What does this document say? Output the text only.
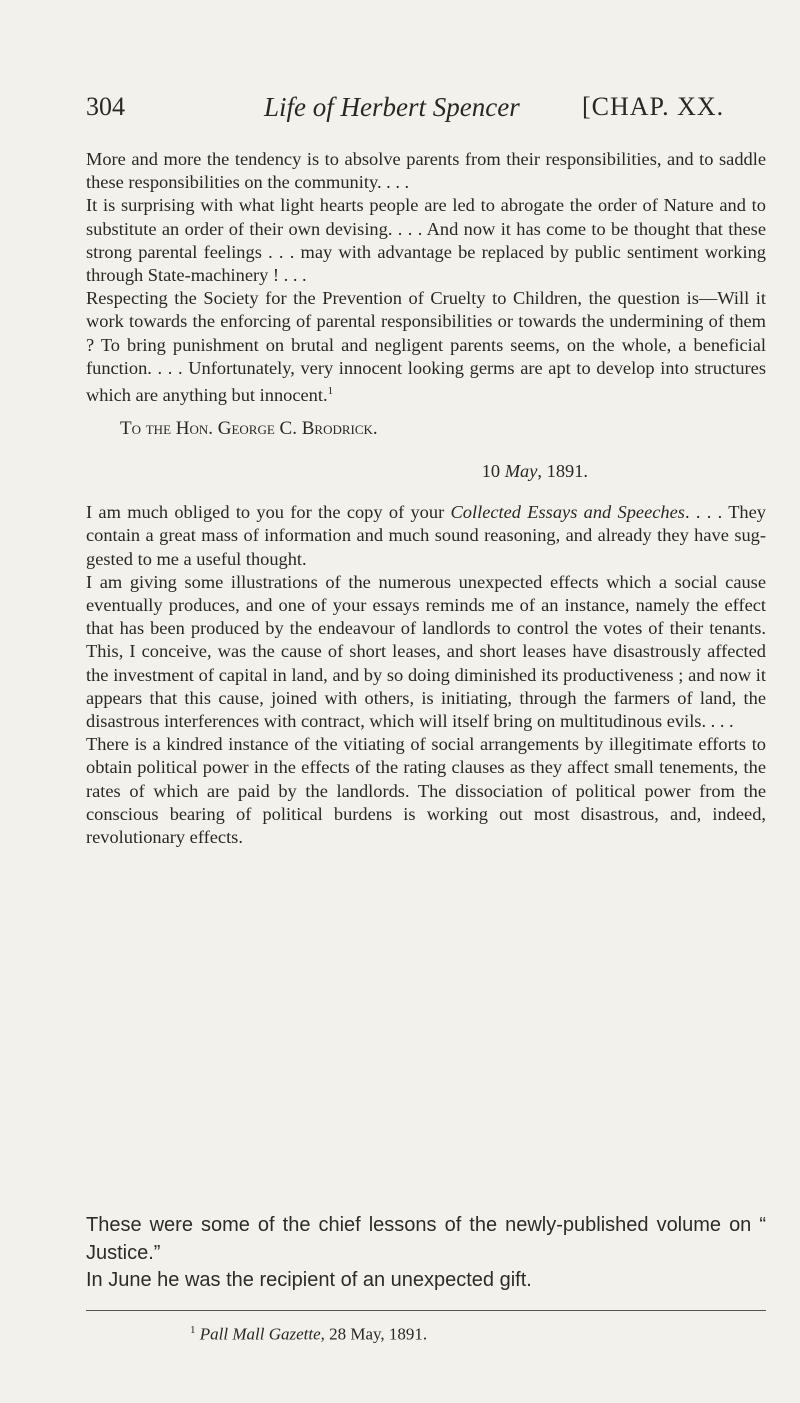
304	Life of Herbert Spencer [CHAP. XX.

More and more the tendency is to absolve parents from their responsibilities, and to saddle these responsibilities on the community. . . .

It is surprising with what light hearts people are led to abrogate the order of Nature and to substitute an order of their own devising. . . . And now it has come to be thought that these strong parental feelings . . . may with advantage be replaced by public sentiment working through State-machinery ! . . .

Respecting the Society for the Prevention of Cruelty to Children, the question is—Will it work towards the enforcing of parental responsibilities or towards the undermining of them ? To bring punishment on brutal and negligent parents seems, on the whole, a beneficial function. . . . Unfortunately, very innocent looking germs are apt to develop into structures which are anything but innocent.$^1$

To the Hon. George C. Brodrick.

10 May, 1891.

I am much obliged to you for the copy of your Collected Essays and Speeches. . . . They contain a great mass of information and much sound reasoning, and already they have suggested to me a useful thought.

I am giving some illustrations of the numerous unexpected effects which a social cause eventually produces, and one of your essays reminds me of an instance, namely the effect that has been produced by the endeavour of landlords to control the votes of their tenants. This, I conceive, was the cause of short leases, and short leases have disastrously affected the investment of capital in land, and by so doing diminished its productiveness ; and now it appears that this cause, joined with others, is initiating, through the farmers of land, the disastrous interferences with contract, which will itself bring on multitudinous evils. . . .

There is a kindred instance of the vitiating of social arrangements by illegitimate efforts to obtain political power in the effects of the rating clauses as they affect small tenements, the rates of which are paid by the landlords. The dissociation of political power from the conscious bearing of political burdens is working out most disastrous, and, indeed, revolutionary effects.

These were some of the chief lessons of the newly-published volume on “ Justice.”

In June he was the recipient of an unexpected gift.

$^1$ Pall Mall Gazette, 28 May, 1891.
